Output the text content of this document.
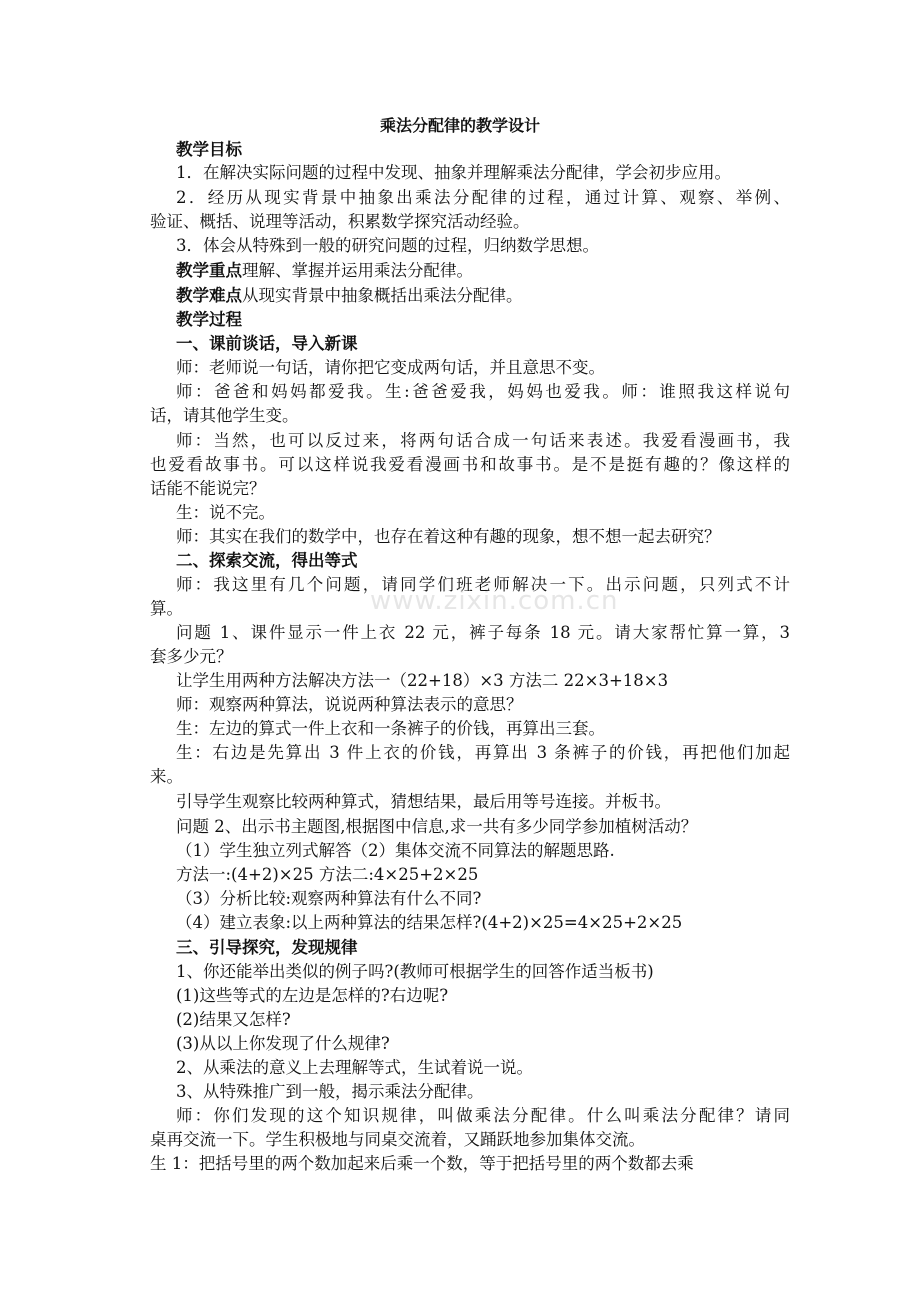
www.zixin.com.cn
乘法分配律的教学设计
教学目标
1．在解决实际问题的过程中发现、抽象并理解乘法分配律，学会初步应用。
2．经历从现实背景中抽象出乘法分配律的过程，通过计算、观察、举例、
验证、概括、说理等活动，积累数学探究活动经验。
3．体会从特殊到一般的研究问题的过程，归纳数学思想。
教学重点理解、掌握并运用乘法分配律。
教学难点从现实背景中抽象概括出乘法分配律。
教学过程
一、课前谈话，导入新课
师：老师说一句话，请你把它变成两句话，并且意思不变。
师：爸爸和妈妈都爱我。生:爸爸爱我，妈妈也爱我。师：谁照我这样说句
话，请其他学生变。
师：当然，也可以反过来，将两句话合成一句话来表述。我爱看漫画书，我
也爱看故事书。可以这样说我爱看漫画书和故事书。是不是挺有趣的？像这样的
话能不能说完？
生：说不完。
师：其实在我们的数学中，也存在着这种有趣的现象，想不想一起去研究？
二、探索交流，得出等式
师：我这里有几个问题，请同学们班老师解决一下。出示问题，只列式不计
算。
问题 1、课件显示一件上衣 22 元，裤子每条 18 元。请大家帮忙算一算，3
套多少元？
让学生用两种方法解决方法一（22+18）×3 方法二 22×3+18×3
师：观察两种算法，说说两种算法表示的意思？
生：左边的算式一件上衣和一条裤子的价钱，再算出三套。
生：右边是先算出 3 件上衣的价钱，再算出 3 条裤子的价钱，再把他们加起
来。
引导学生观察比较两种算式，猜想结果，最后用等号连接。并板书。
问题 2、出示书主题图,根据图中信息,求一共有多少同学参加植树活动？
（1）学生独立列式解答（2）集体交流不同算法的解题思路.
方法一:(4+2)×25 方法二:4×25+2×25
（3）分析比较:观察两种算法有什么不同?
（4）建立表象:以上两种算法的结果怎样?(4+2)×25=4×25+2×25
三、引导探究，发现规律
1、你还能举出类似的例子吗?(教师可根据学生的回答作适当板书)
(1)这些等式的左边是怎样的?右边呢?
(2)结果又怎样?
(3)从以上你发现了什么规律?
2、从乘法的意义上去理解等式，生试着说一说。
3、从特殊推广到一般，揭示乘法分配律。
师：你们发现的这个知识规律，叫做乘法分配律。什么叫乘法分配律？请同
桌再交流一下。学生积极地与同桌交流着，又踊跃地参加集体交流。
生 1：把括号里的两个数加起来后乘一个数，等于把括号里的两个数都去乘
